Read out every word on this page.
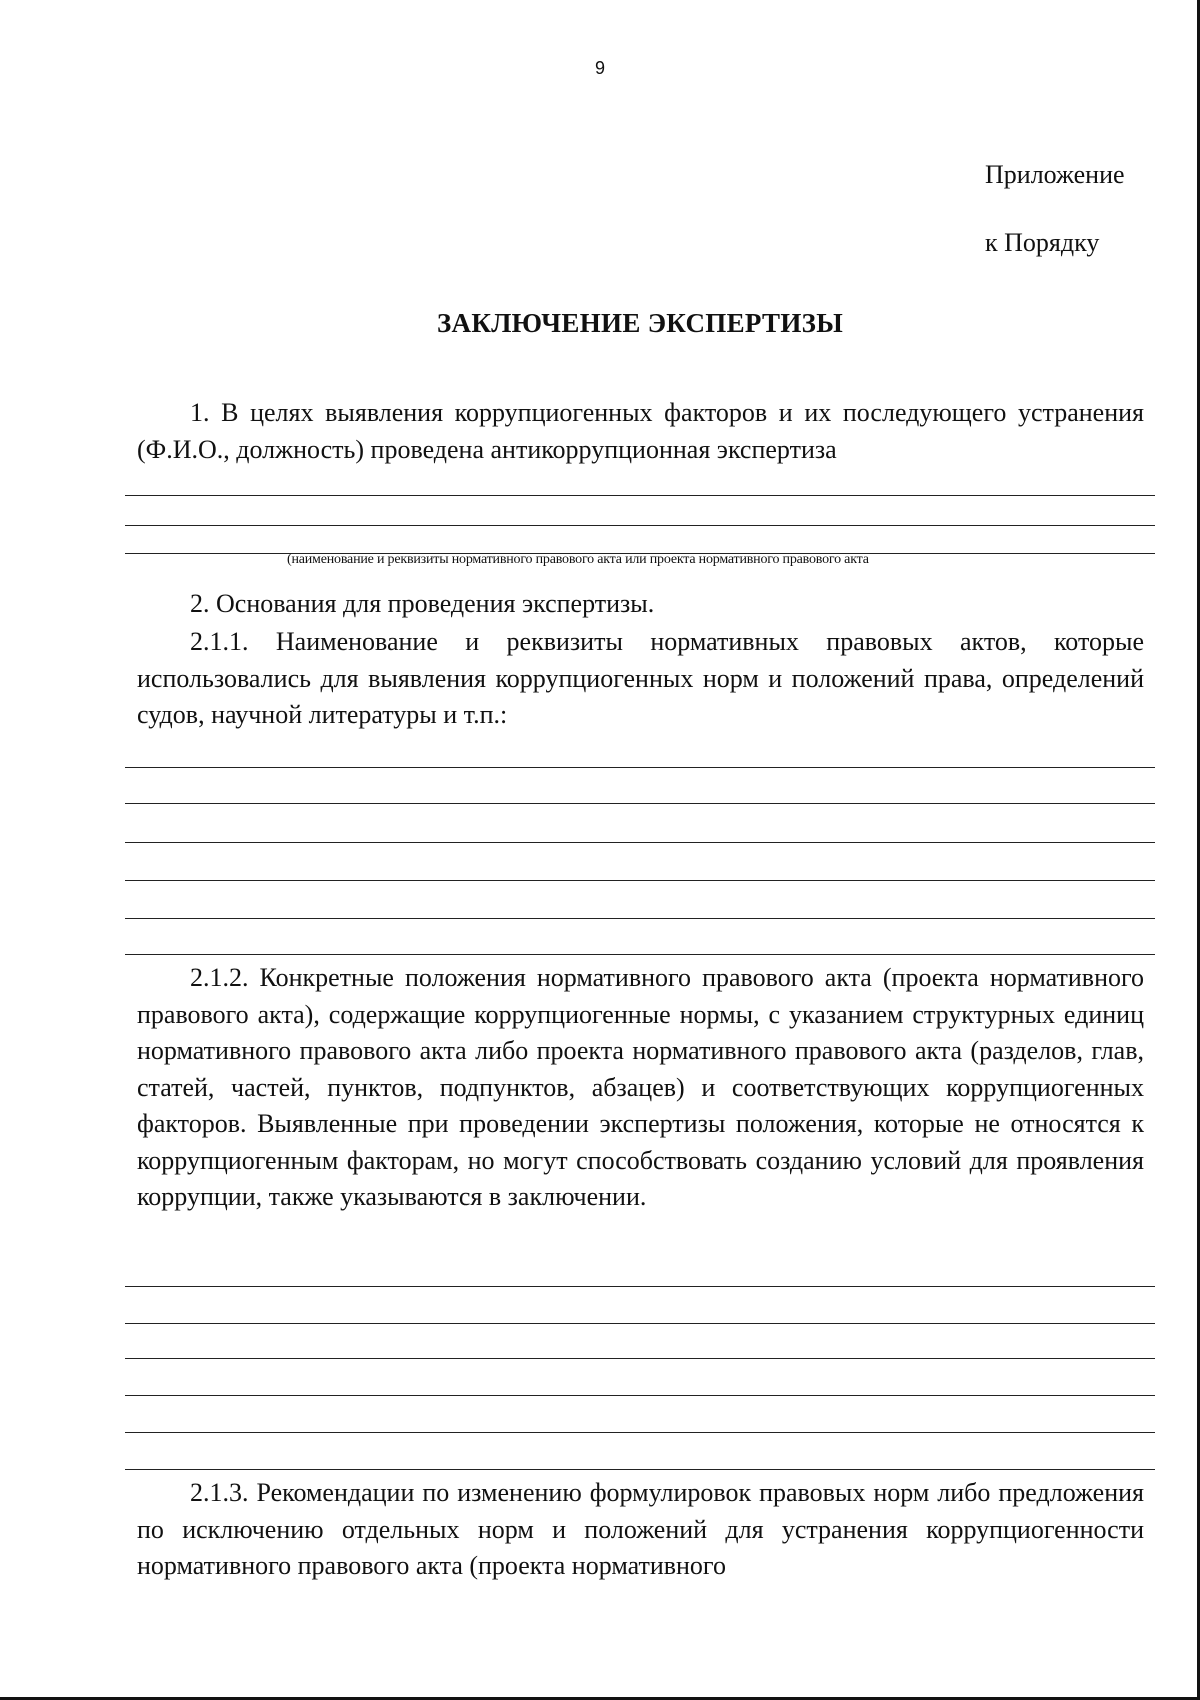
9
Приложение
к Порядку
ЗАКЛЮЧЕНИЕ ЭКСПЕРТИЗЫ

1. В целях выявления коррупциогенных факторов и их последующего устранения (Ф.И.О., должность) проведена антикоррупционная экспертиза

(наименование и реквизиты нормативного правового акта или проекта нормативного правового акта

2. Основания для проведения экспертизы.

2.1.1. Наименование и реквизиты нормативных правовых актов, которые использовались для выявления коррупциогенных норм и положений права, определений судов, научной литературы и т.п.:

2.1.2. Конкретные положения нормативного правового акта (проекта нормативного правового акта), содержащие коррупциогенные нормы, с указанием структурных единиц нормативного правового акта либо проекта нормативного правового акта (разделов, глав, статей, частей, пунктов, подпунктов, абзацев) и соответствующих коррупциогенных факторов. Выявленные при проведении экспертизы положения, которые не относятся к коррупциогенным факторам, но могут способствовать созданию условий для проявления коррупции, также указываются в заключении.

2.1.3. Рекомендации по изменению формулировок правовых норм либо предложения по исключению отдельных норм и положений для устранения коррупциогенности нормативного правового акта (проекта нормативного
